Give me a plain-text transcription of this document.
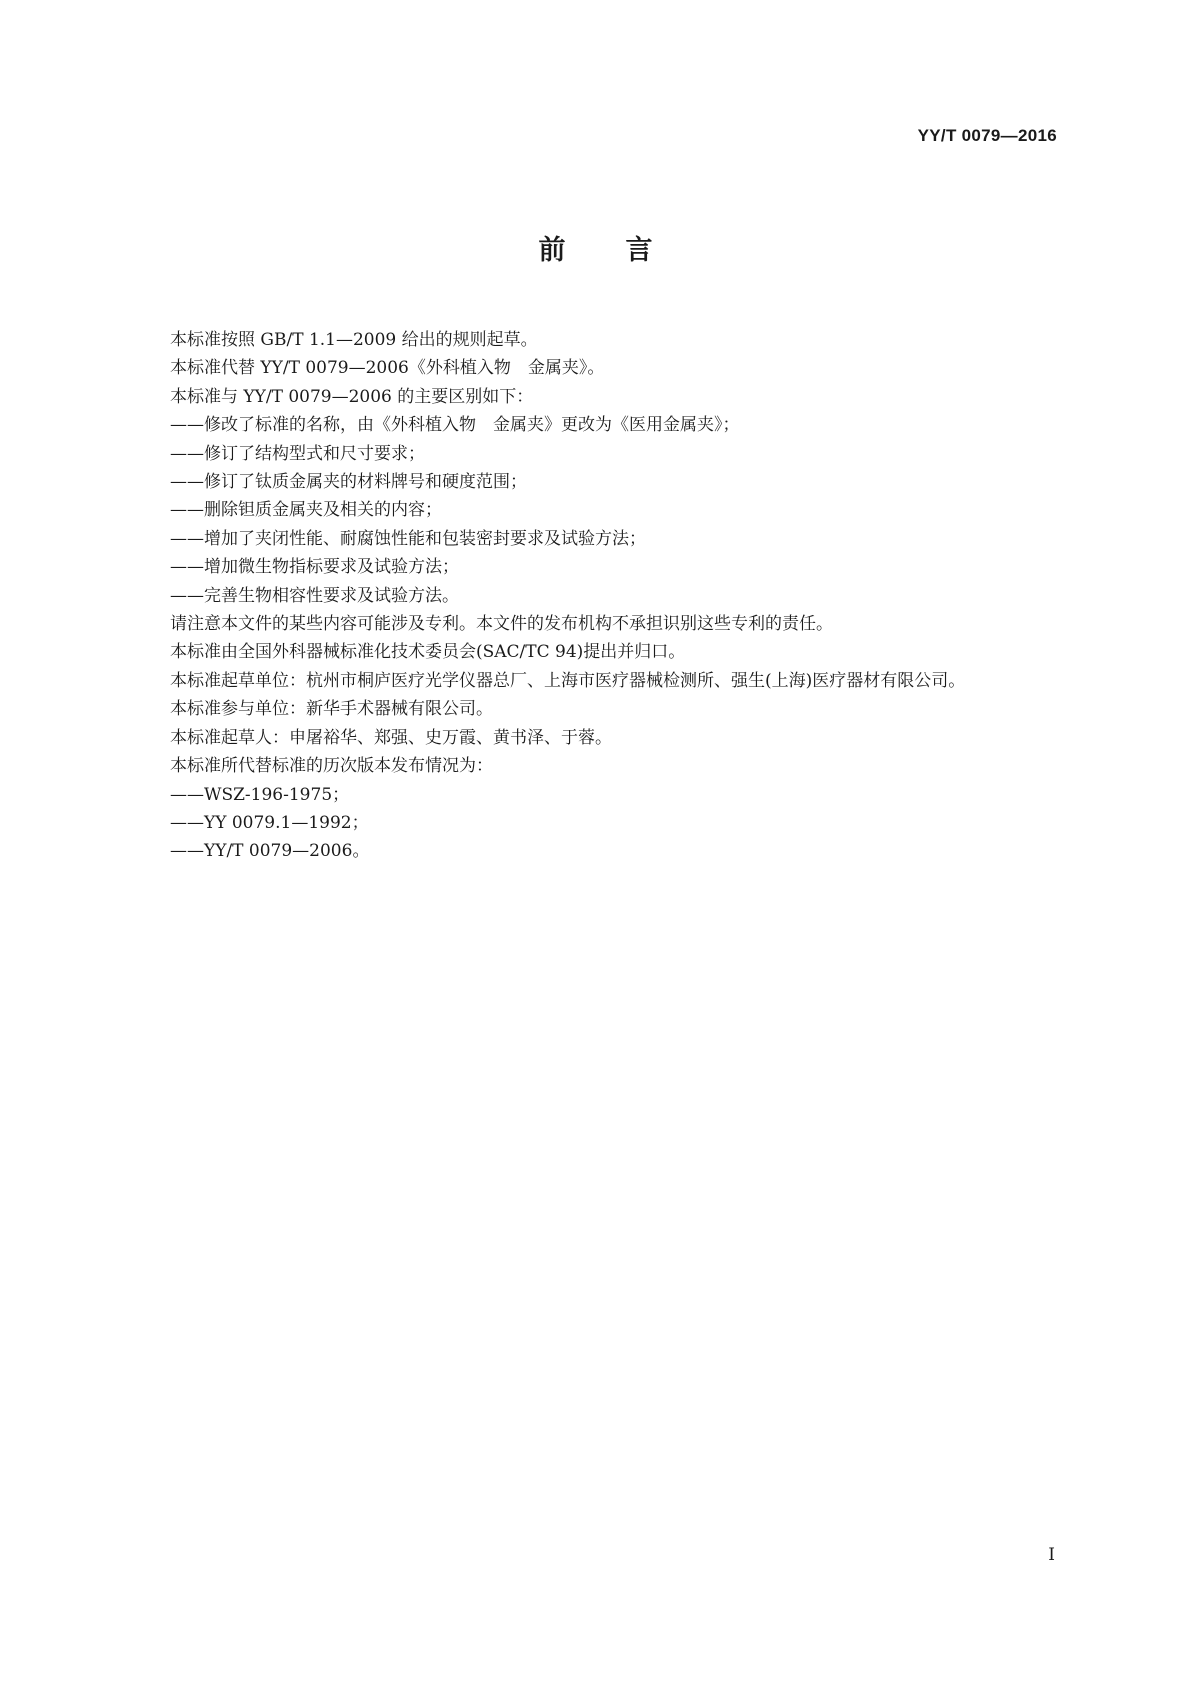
YY/T 0079—2016
前言

本标准按照 GB/T 1.1—2009 给出的规则起草。

本标准代替 YY/T 0079—2006《外科植入物　金属夹》。

本标准与 YY/T 0079—2006 的主要区别如下：

——修改了标准的名称，由《外科植入物　金属夹》更改为《医用金属夹》；

——修订了结构型式和尺寸要求；

——修订了钛质金属夹的材料牌号和硬度范围；

——删除钽质金属夹及相关的内容；

——增加了夹闭性能、耐腐蚀性能和包装密封要求及试验方法；

——增加微生物指标要求及试验方法；

——完善生物相容性要求及试验方法。

请注意本文件的某些内容可能涉及专利。本文件的发布机构不承担识别这些专利的责任。

本标准由全国外科器械标准化技术委员会(SAC/TC 94)提出并归口。

本标准起草单位：杭州市桐庐医疗光学仪器总厂、上海市医疗器械检测所、强生(上海)医疗器材有限公司。

本标准参与单位：新华手术器械有限公司。

本标准起草人：申屠裕华、郑强、史万霞、黄书泽、于蓉。

本标准所代替标准的历次版本发布情况为：

——WSZ-196-1975；

——YY 0079.1—1992；

——YY/T 0079—2006。

I
